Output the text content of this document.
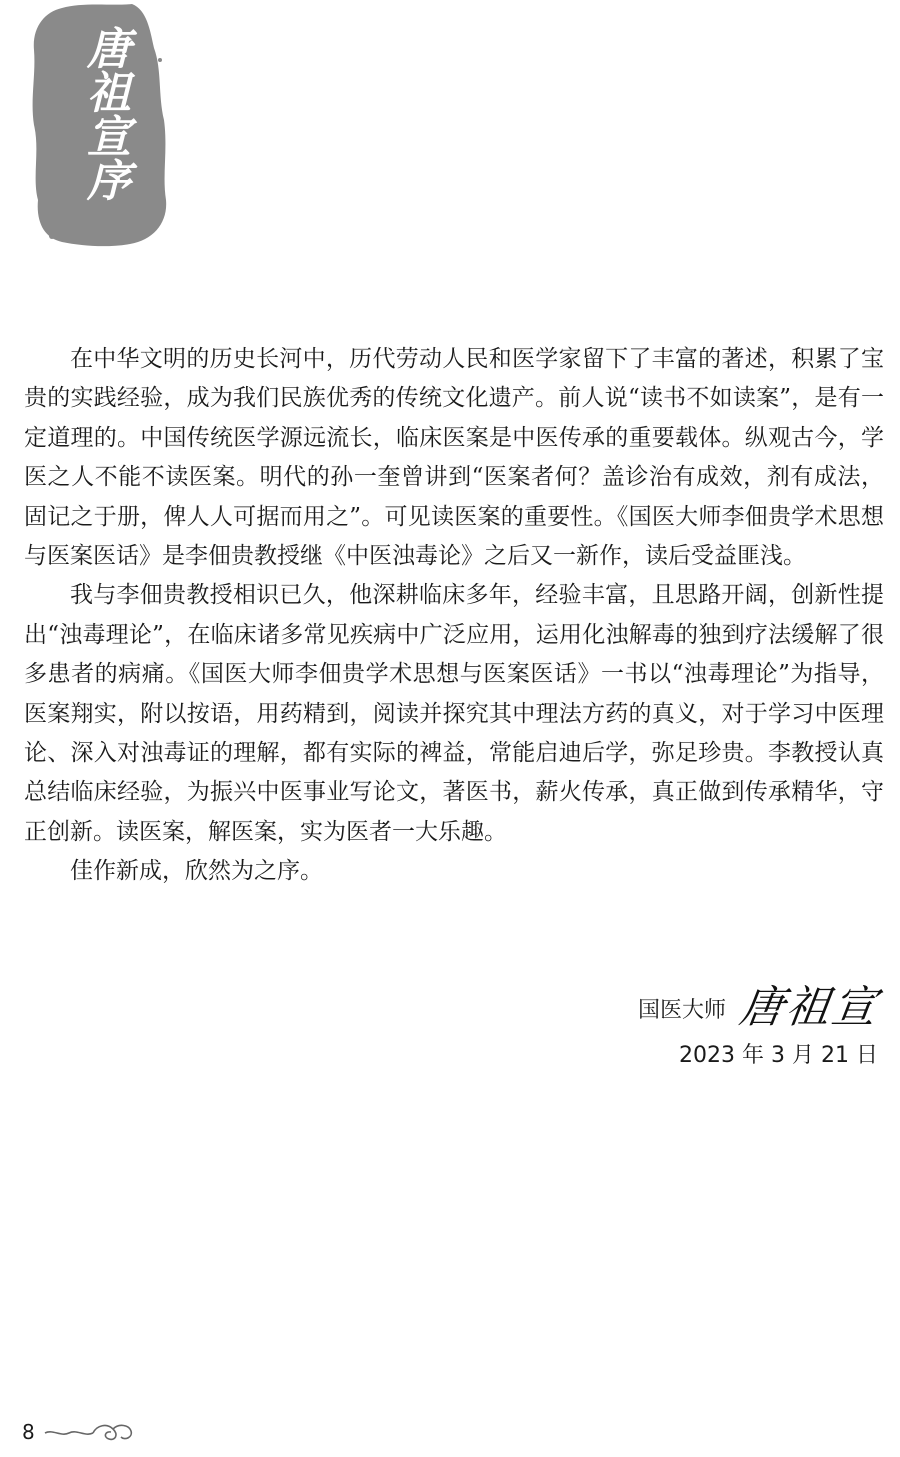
唐祖宣序

在中华文明的历史长河中，历代劳动人民和医学家留下了丰富的著述，积累了宝贵的实践经验，成为我们民族优秀的传统文化遗产。前人说“读书不如读案”，是有一定道理的。中国传统医学源远流长，临床医案是中医传承的重要载体。纵观古今，学医之人不能不读医案。明代的孙一奎曾讲到“医案者何？盖诊治有成效，剂有成法，固记之于册，俾人人可据而用之”。可见读医案的重要性。《国医大师李佃贵学术思想与医案医话》是李佃贵教授继《中医浊毒论》之后又一新作，读后受益匪浅。

我与李佃贵教授相识已久，他深耕临床多年，经验丰富，且思路开阔，创新性提出“浊毒理论”，在临床诸多常见疾病中广泛应用，运用化浊解毒的独到疗法缓解了很多患者的病痛。《国医大师李佃贵学术思想与医案医话》一书以“浊毒理论”为指导，医案翔实，附以按语，用药精到，阅读并探究其中理法方药的真义，对于学习中医理论、深入对浊毒证的理解，都有实际的裨益，常能启迪后学，弥足珍贵。李教授认真总结临床经验，为振兴中医事业写论文，著医书，薪火传承，真正做到传承精华，守正创新。读医案，解医案，实为医者一大乐趣。

佳作新成，欣然为之序。

国医大师 唐祖宣
2023 年 3 月 21 日
8
